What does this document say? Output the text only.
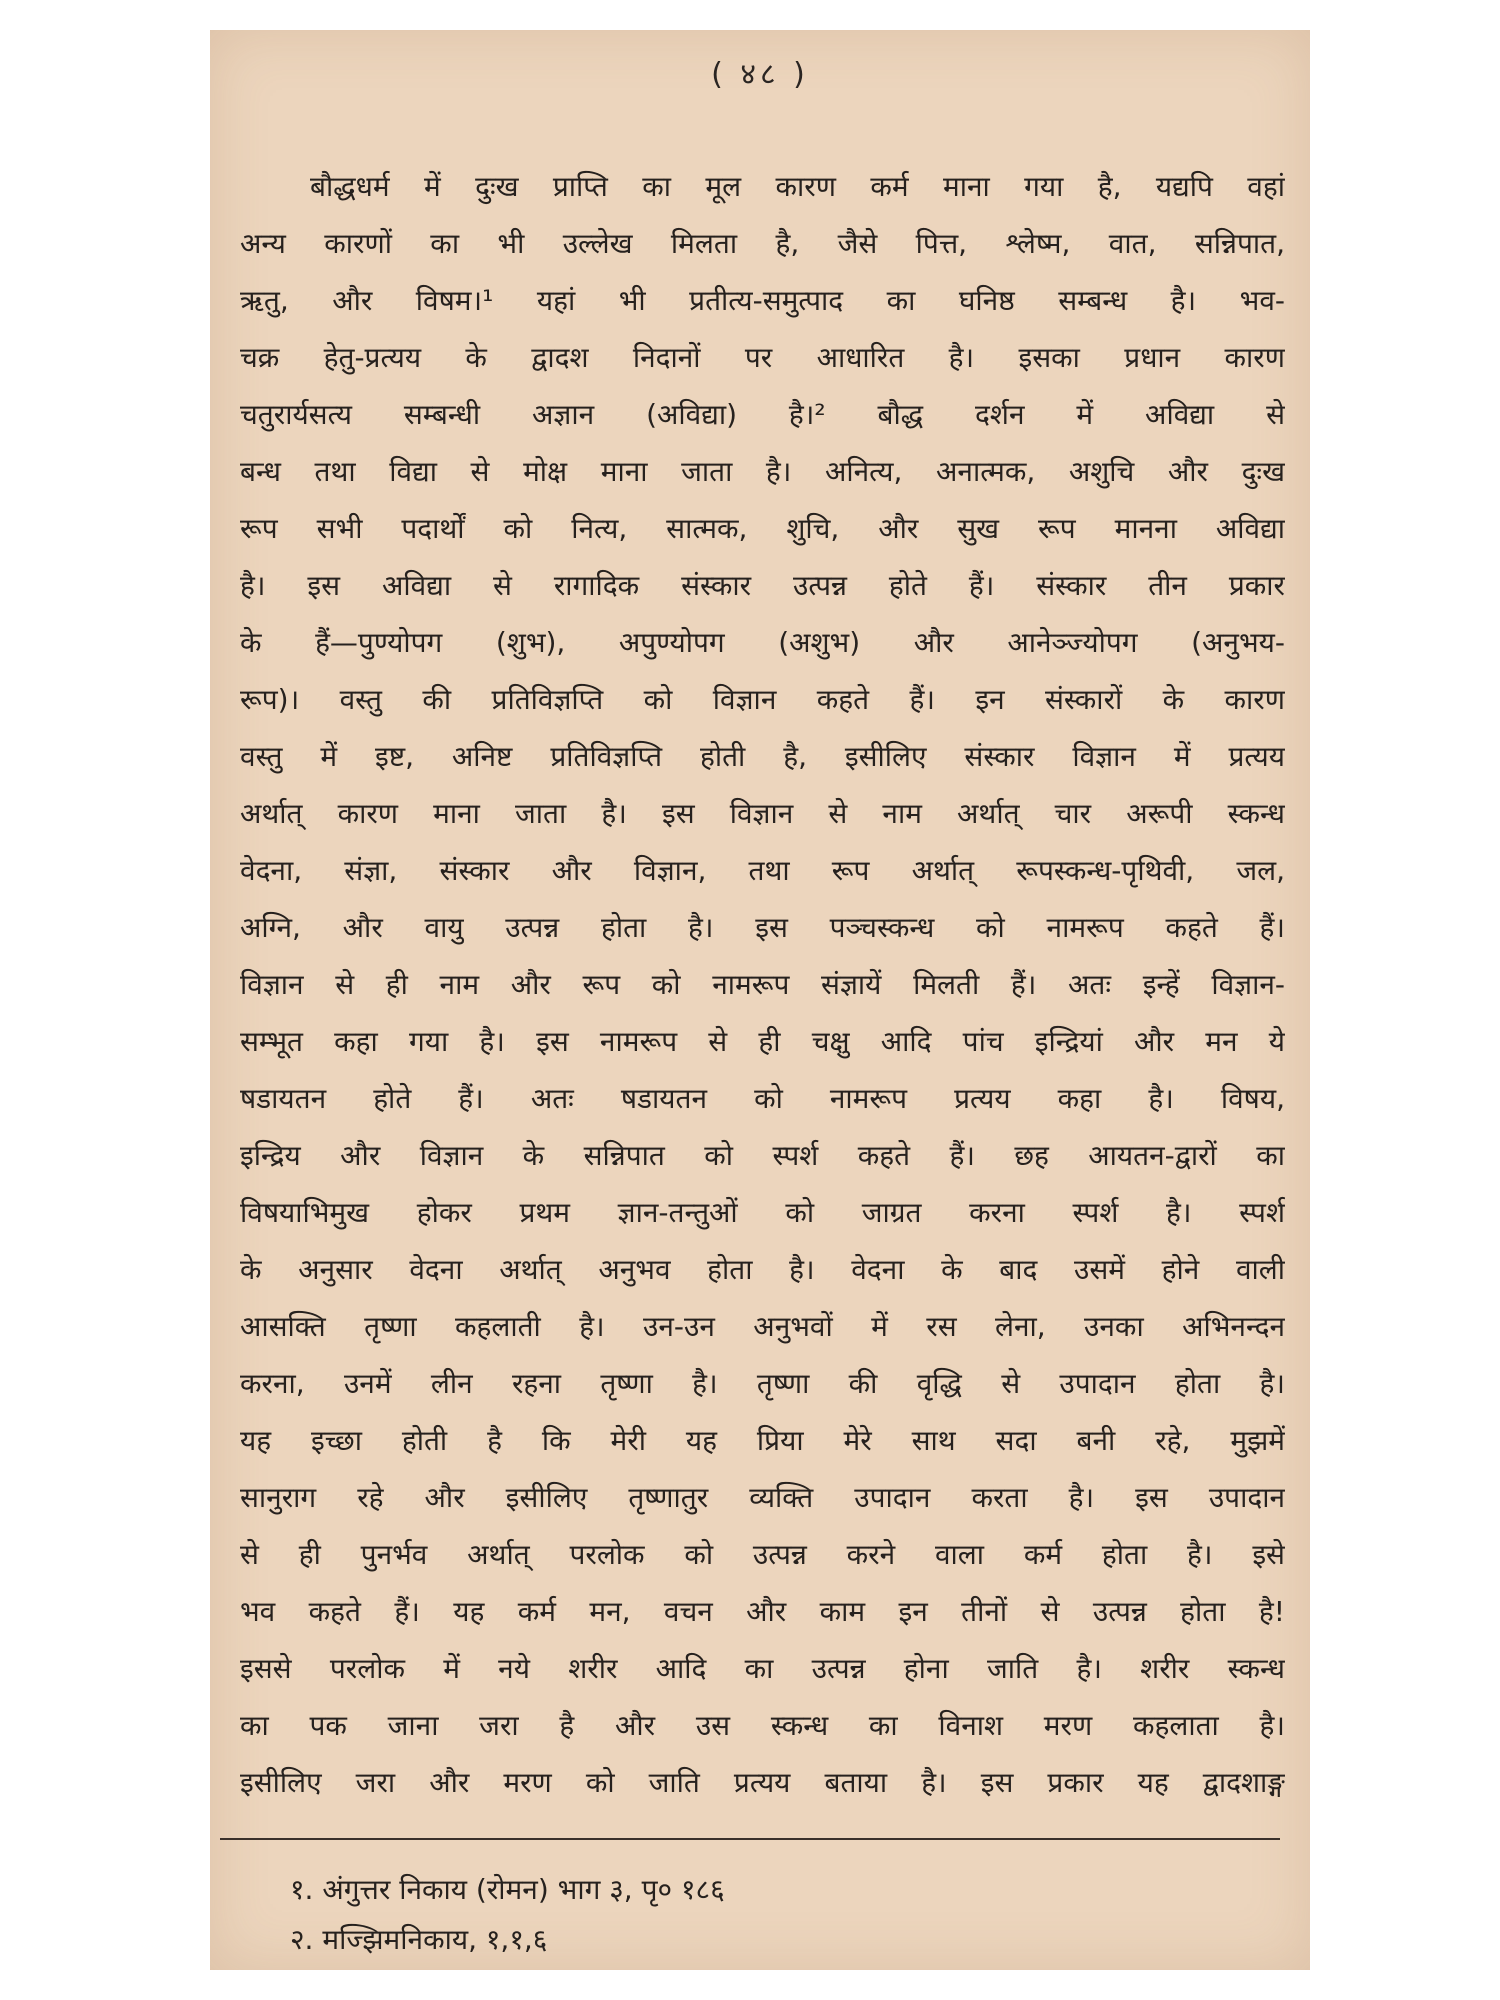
( ४८ )
बौद्धधर्म में दुःख प्राप्ति का मूल कारण कर्म माना गया है, यद्यपि वहां
अन्य कारणों का भी उल्लेख मिलता है, जैसे पित्त, श्लेष्म, वात, सन्निपात,
ऋतु, और विषम।¹ यहां भी प्रतीत्य-समुत्पाद का घनिष्ठ सम्बन्ध है। भव-
चक्र हेतु-प्रत्यय के द्वादश निदानों पर आधारित है। इसका प्रधान कारण
चतुरार्यसत्य सम्बन्धी अज्ञान (अविद्या) है।² बौद्ध दर्शन में अविद्या से
बन्ध तथा विद्या से मोक्ष माना जाता है। अनित्य, अनात्मक, अशुचि और दुःख
रूप सभी पदार्थों को नित्य, सात्मक, शुचि, और सुख रूप मानना अविद्या
है। इस अविद्या से रागादिक संस्कार उत्पन्न होते हैं। संस्कार तीन प्रकार
के हैं—पुण्योपग (शुभ), अपुण्योपग (अशुभ) और आनेञ्ज्योपग (अनुभय-
रूप)। वस्तु की प्रतिविज्ञप्ति को विज्ञान कहते हैं। इन संस्कारों के कारण
वस्तु में इष्ट, अनिष्ट प्रतिविज्ञप्ति होती है, इसीलिए संस्कार विज्ञान में प्रत्यय
अर्थात् कारण माना जाता है। इस विज्ञान से नाम अर्थात् चार अरूपी स्कन्ध
वेदना, संज्ञा, संस्कार और विज्ञान, तथा रूप अर्थात् रूपस्कन्ध-पृथिवी, जल,
अग्नि, और वायु उत्पन्न होता है। इस पञ्चस्कन्ध को नामरूप कहते हैं।
विज्ञान से ही नाम और रूप को नामरूप संज्ञायें मिलती हैं। अतः इन्हें विज्ञान-
सम्भूत कहा गया है। इस नामरूप से ही चक्षु आदि पांच इन्द्रियां और मन ये
षडायतन होते हैं। अतः षडायतन को नामरूप प्रत्यय कहा है। विषय,
इन्द्रिय और विज्ञान के सन्निपात को स्पर्श कहते हैं। छह आयतन-द्वारों का
विषयाभिमुख होकर प्रथम ज्ञान-तन्तुओं को जाग्रत करना स्पर्श है। स्पर्श
के अनुसार वेदना अर्थात् अनुभव होता है। वेदना के बाद उसमें होने वाली
आसक्ति तृष्णा कहलाती है। उन-उन अनुभवों में रस लेना, उनका अभिनन्दन
करना, उनमें लीन रहना तृष्णा है। तृष्णा की वृद्धि से उपादान होता है।
यह इच्छा होती है कि मेरी यह प्रिया मेरे साथ सदा बनी रहे, मुझमें
सानुराग रहे और इसीलिए तृष्णातुर व्यक्ति उपादान करता है। इस उपादान
से ही पुनर्भव अर्थात् परलोक को उत्पन्न करने वाला कर्म होता है। इसे
भव कहते हैं। यह कर्म मन, वचन और काम इन तीनों से उत्पन्न होता है!
इससे परलोक में नये शरीर आदि का उत्पन्न होना जाति है। शरीर स्कन्ध
का पक जाना जरा है और उस स्कन्ध का विनाश मरण कहलाता है।
इसीलिए जरा और मरण को जाति प्रत्यय बताया है। इस प्रकार यह द्वादशाङ्ग
१. अंगुत्तर निकाय (रोमन) भाग ३, पृ० १८६
२. मज्झिमनिकाय, १,१,६
